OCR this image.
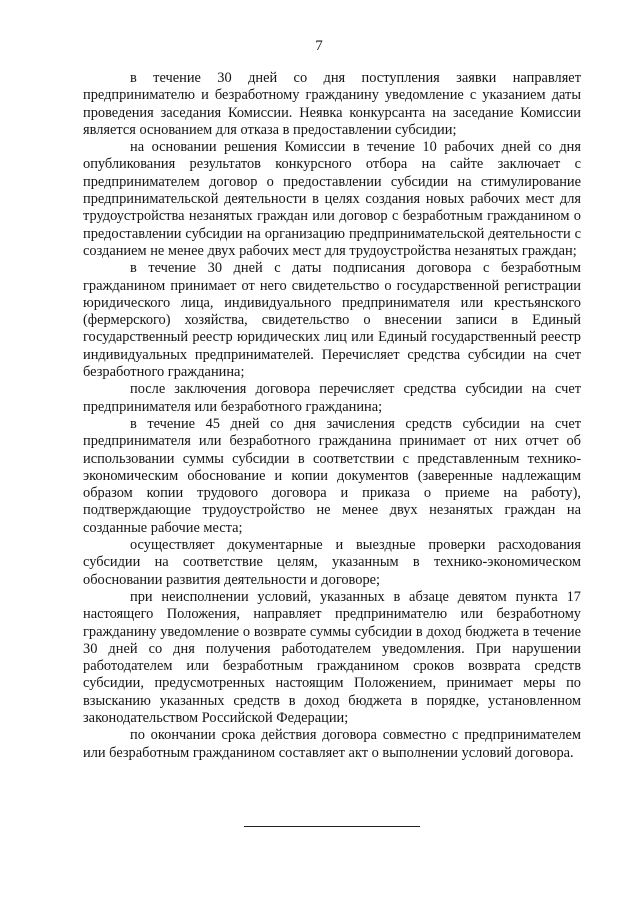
7

в течение 30 дней со дня поступления заявки направляет предпринимателю и безработному гражданину уведомление с указанием даты проведения заседания Комиссии. Неявка конкурсанта на заседание Комиссии является основанием для отказа в предоставлении субсидии;

на основании решения Комиссии в течение 10 рабочих дней со дня опубликования результатов конкурсного отбора на сайте заключает с предпринимателем договор о предоставлении субсидии на стимулирование предпринимательской деятельности в целях создания новых рабочих мест для трудоустройства незанятых граждан или договор с безработным гражданином о предоставлении субсидии на организацию предпринимательской деятельности с созданием не менее двух рабочих мест для трудоустройства незанятых граждан;

в течение 30 дней с даты подписания договора с безработным гражданином принимает от него свидетельство о государственной регистрации юридического лица, индивидуального предпринимателя или крестьянского (фермерского) хозяйства, свидетельство о внесении записи в Единый государственный реестр юридических лиц или Единый государственный реестр индивидуальных предпринимателей. Перечисляет средства субсидии на счет безработного гражданина;

после заключения договора перечисляет средства субсидии на счет предпринимателя или безработного гражданина;

в течение 45 дней со дня зачисления средств субсидии на счет предпринимателя или безработного гражданина принимает от них отчет об использовании суммы субсидии в соответствии с представленным технико-экономическим обоснование и копии документов (заверенные надлежащим образом копии трудового договора и приказа о приеме на работу), подтверждающие трудоустройство не менее двух незанятых граждан на созданные рабочие места;

осуществляет документарные и выездные проверки расходования субсидии на соответствие целям, указанным в технико-экономическом обосновании развития деятельности и договоре;

при неисполнении условий, указанных в абзаце девятом пункта 17 настоящего Положения, направляет предпринимателю или безработному гражданину уведомление о возврате суммы субсидии в доход бюджета в течение 30 дней со дня получения работодателем уведомления. При нарушении работодателем или безработным гражданином сроков возврата средств субсидии, предусмотренных настоящим Положением, принимает меры по взысканию указанных средств в доход бюджета в порядке, установленном законодательством Российской Федерации;

по окончании срока действия договора совместно с предпринимателем или безработным гражданином составляет акт о выполнении условий договора.
